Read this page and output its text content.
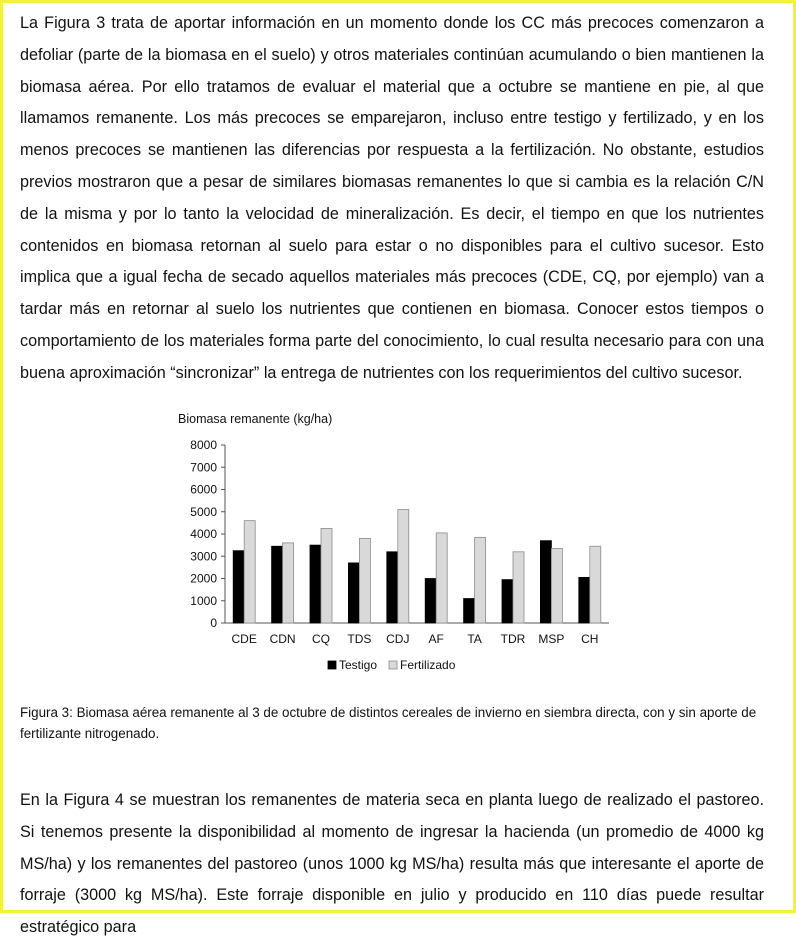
La Figura 3 trata de aportar información en un momento donde los CC más precoces comenzaron a defoliar (parte de la biomasa en el suelo) y otros materiales continúan acumulando o bien mantienen la biomasa aérea. Por ello tratamos de evaluar el material que a octubre se mantiene en pie, al que llamamos remanente. Los más precoces se emparejaron, incluso entre testigo y fertilizado, y en los menos precoces se mantienen las diferencias por respuesta a la fertilización. No obstante, estudios previos mostraron que a pesar de similares biomasas remanentes lo que si cambia es la relación C/N de la misma y por lo tanto la velocidad de mineralización. Es decir, el tiempo en que los nutrientes contenidos en biomasa retornan al suelo para estar o no disponibles para el cultivo sucesor. Esto implica que a igual fecha de secado aquellos materiales más precoces (CDE, CQ, por ejemplo) van a tardar más en retornar al suelo los nutrientes que contienen en biomasa. Conocer estos tiempos o comportamiento de los materiales forma parte del conocimiento, lo cual resulta necesario para con una buena aproximación “sincronizar” la entrega de nutrientes con los requerimientos del cultivo sucesor.

Biomasa remanente (kg/ha)
0
1000
2000
3000
4000
5000
6000
7000
8000
CDE CDN CQ TDS CDJ AF TA TDR MSP CH
Testigo Fertilizado

Figura 3: Biomasa aérea remanente al 3 de octubre de distintos cereales de invierno en siembra directa, con y sin aporte de fertilizante nitrogenado.

En la Figura 4 se muestran los remanentes de materia seca en planta luego de realizado el pastoreo. Si tenemos presente la disponibilidad al momento de ingresar la hacienda (un promedio de 4000 kg MS/ha) y los remanentes del pastoreo (unos 1000 kg MS/ha) resulta más que interesante el aporte de forraje (3000 kg MS/ha). Este forraje disponible en julio y producido en 110 días puede resultar estratégico para
